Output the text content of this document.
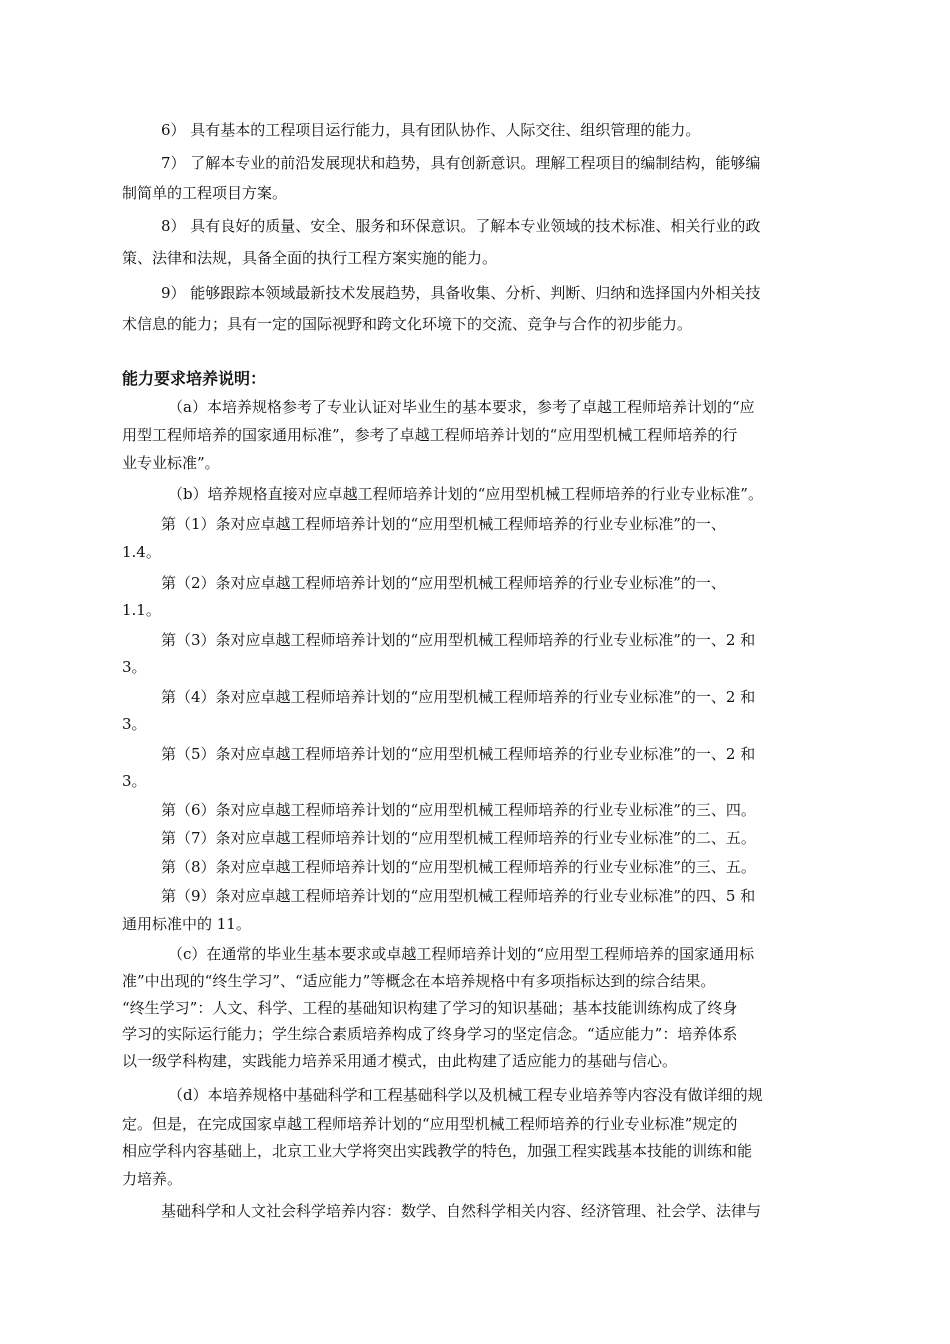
6） 具有基本的工程项目运行能力，具有团队协作、人际交往、组织管理的能力。
7） 了解本专业的前沿发展现状和趋势，具有创新意识。理解工程项目的编制结构，能够编
制简单的工程项目方案。
8） 具有良好的质量、安全、服务和环保意识。了解本专业领域的技术标准、相关行业的政
策、法律和法规，具备全面的执行工程方案实施的能力。
9） 能够跟踪本领域最新技术发展趋势，具备收集、分析、判断、归纳和选择国内外相关技
术信息的能力；具有一定的国际视野和跨文化环境下的交流、竞争与合作的初步能力。
能力要求培养说明：
（a）本培养规格参考了专业认证对毕业生的基本要求，参考了卓越工程师培养计划的“应
用型工程师培养的国家通用标准”，参考了卓越工程师培养计划的“应用型机械工程师培养的行
业专业标准”。
（b）培养规格直接对应卓越工程师培养计划的“应用型机械工程师培养的行业专业标准”。
第（1）条对应卓越工程师培养计划的“应用型机械工程师培养的行业专业标准”的一、
1.4。
第（2）条对应卓越工程师培养计划的“应用型机械工程师培养的行业专业标准”的一、
1.1。
第（3）条对应卓越工程师培养计划的“应用型机械工程师培养的行业专业标准”的一、2 和
3。
第（4）条对应卓越工程师培养计划的“应用型机械工程师培养的行业专业标准”的一、2 和
3。
第（5）条对应卓越工程师培养计划的“应用型机械工程师培养的行业专业标准”的一、2 和
3。
第（6）条对应卓越工程师培养计划的“应用型机械工程师培养的行业专业标准”的三、四。
第（7）条对应卓越工程师培养计划的“应用型机械工程师培养的行业专业标准”的二、五。
第（8）条对应卓越工程师培养计划的“应用型机械工程师培养的行业专业标准”的三、五。
第（9）条对应卓越工程师培养计划的“应用型机械工程师培养的行业专业标准”的四、5 和
通用标准中的 11。
（c）在通常的毕业生基本要求或卓越工程师培养计划的“应用型工程师培养的国家通用标
准”中出现的“终生学习”、“适应能力”等概念在本培养规格中有多项指标达到的综合结果。
“终生学习”：人文、科学、工程的基础知识构建了学习的知识基础；基本技能训练构成了终身
学习的实际运行能力；学生综合素质培养构成了终身学习的坚定信念。“适应能力”：培养体系
以一级学科构建，实践能力培养采用通才模式，由此构建了适应能力的基础与信心。
（d）本培养规格中基础科学和工程基础科学以及机械工程专业培养等内容没有做详细的规
定。但是，在完成国家卓越工程师培养计划的“应用型机械工程师培养的行业专业标准”规定的
相应学科内容基础上，北京工业大学将突出实践教学的特色，加强工程实践基本技能的训练和能
力培养。
基础科学和人文社会科学培养内容：数学、自然科学相关内容、经济管理、社会学、法律与
